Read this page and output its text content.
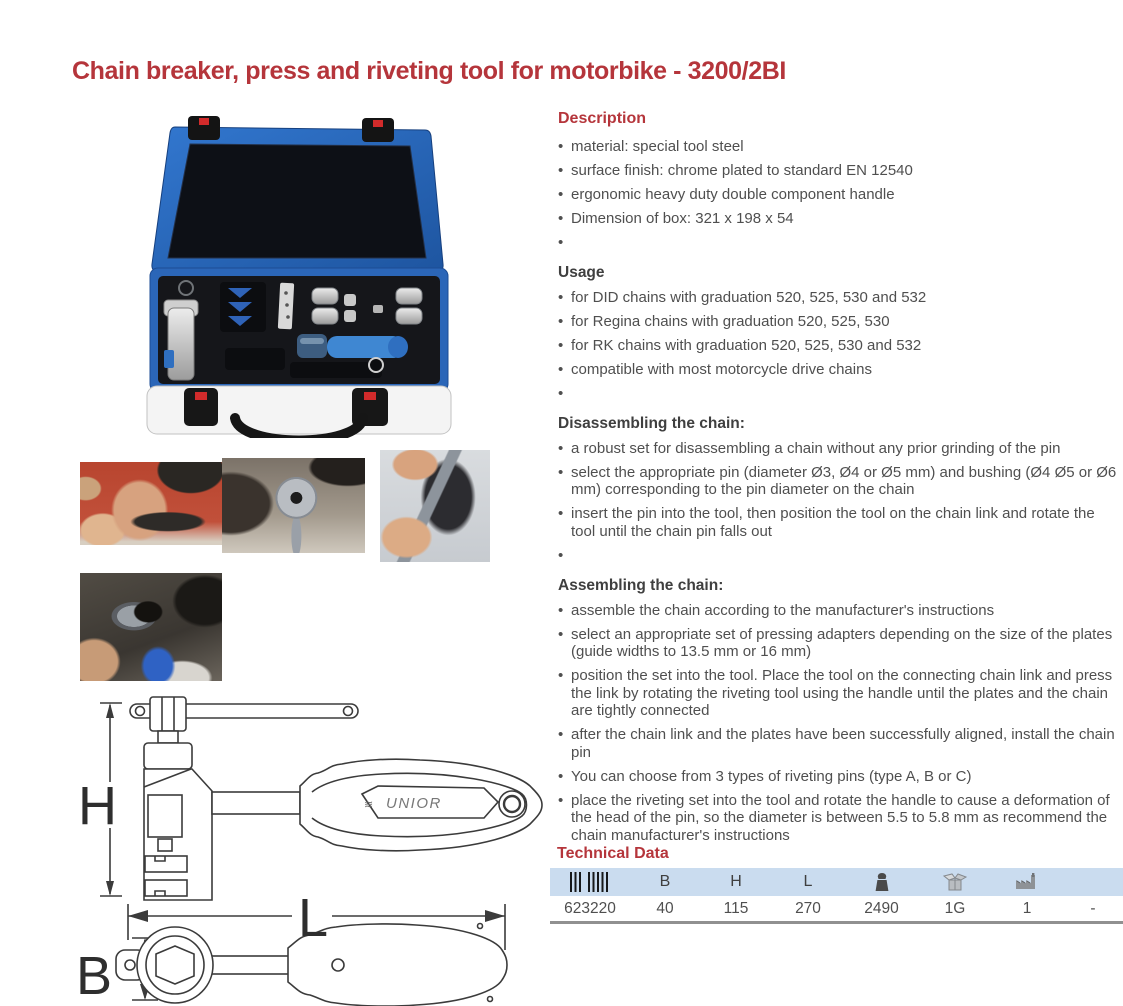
Chain breaker, press and riveting tool for motorbike - 3200/2BI
H
L
B
≋ UNIOR
Description
• material: special tool steel
• surface finish: chrome plated to standard EN 12540
• ergonomic heavy duty double component handle
• Dimension of box: 321 x 198 x 54
•
Usage
• for DID chains with graduation 520, 525, 530 and 532
• for Regina chains with graduation 520, 525, 530
• for RK chains with graduation 520, 525, 530 and 532
• compatible with most motorcycle drive chains
•
Disassembling the chain:
• a robust set for disassembling a chain without any prior grinding of the pin
• select the appropriate pin (diameter Ø3, Ø4 or Ø5 mm) and bushing (Ø4 Ø5 or Ø6 mm) corresponding to the pin diameter on the chain
• insert the pin into the tool, then position the tool on the chain link and rotate the tool until the chain pin falls out
•
Assembling the chain:
• assemble the chain according to the manufacturer's instructions
• select an appropriate set of pressing adapters depending on the size of the plates (guide widths to 13.5 mm or 16 mm)
• position the set into the tool. Place the tool on the connecting chain link and press the link by rotating the riveting tool using the handle until the plates and the chain are tightly connected
• after the chain link and the plates have been successfully aligned, install the chain pin
• You can choose from 3 types of riveting pins (type A, B or C)
• place the riveting set into the tool and rotate the handle to cause a deformation of the head of the pin, so the diameter is between 5.5 to 5.8 mm as recommend the chain manufacturer's instructions
Technical Data
	B	H	L				
623220	40	115	270	2490	1G	1	-
